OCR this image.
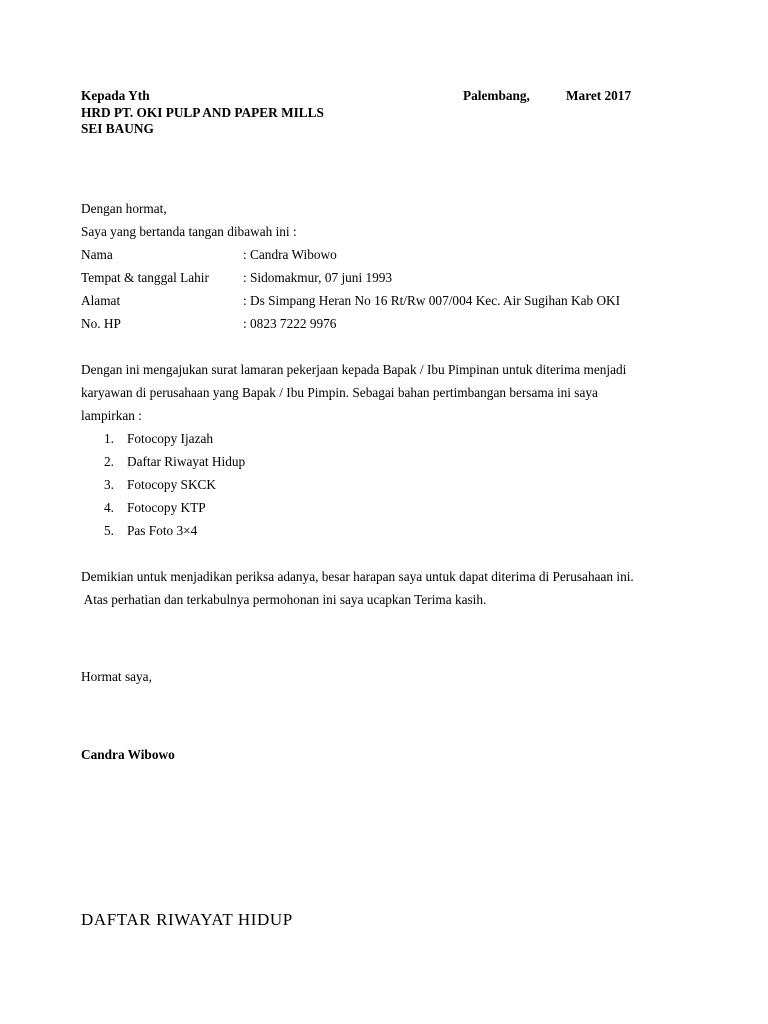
Kepada Yth
HRD PT. OKI PULP AND PAPER MILLS
SEI BAUNG
Palembang,	Maret 2017
Dengan hormat,
Saya yang bertanda tangan dibawah ini :
Nama	: Candra Wibowo
Tempat & tanggal Lahir	: Sidomakmur, 07 juni 1993
Alamat	: Ds Simpang Heran No 16 Rt/Rw 007/004 Kec. Air Sugihan Kab OKI
No. HP	: 0823 7222 9976
Dengan ini mengajukan surat lamaran pekerjaan kepada Bapak / Ibu Pimpinan untuk diterima menjadi
karyawan di perusahaan yang Bapak / Ibu Pimpin. Sebagai bahan pertimbangan bersama ini saya
lampirkan :
1. Fotocopy Ijazah
2. Daftar Riwayat Hidup
3. Fotocopy SKCK
4. Fotocopy KTP
5. Pas Foto 3×4
Demikian untuk menjadikan periksa adanya, besar harapan saya untuk dapat diterima di Perusahaan ini.
Atas perhatian dan terkabulnya permohonan ini saya ucapkan Terima kasih.
Hormat saya,
Candra Wibowo
DAFTAR RIWAYAT HIDUP
